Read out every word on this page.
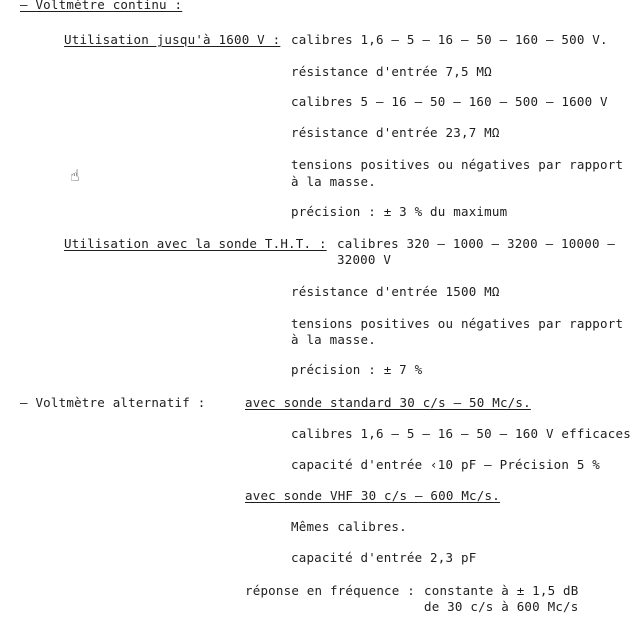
– Voltmètre continu :
Utilisation jusqu'à 1600 V : calibres 1,6 – 5 – 16 – 50 – 160 – 500 V.
résistance d'entrée 7,5 MΩ
calibres 5 – 16 – 50 – 160 – 500 – 1600 V
résistance d'entrée 23,7 MΩ
tensions positives ou négatives par rapport
à la masse.
précision : ± 3 % du maximum
☝
Utilisation avec la sonde T.H.T. : calibres 320 – 1000 – 3200 – 10000 –
32000 V
résistance d'entrée 1500 MΩ
tensions positives ou négatives par rapport
à la masse.
précision : ± 7 %
– Voltmètre alternatif :	avec sonde standard 30 c/s – 50 Mc/s.
calibres 1,6 – 5 – 16 – 50 – 160 V efficaces
capacité d'entrée ‹10 pF – Précision 5 %
avec sonde VHF 30 c/s – 600 Mc/s.
Mêmes calibres.
capacité d'entrée 2,3 pF
réponse en fréquence : constante à ± 1,5 dB
de 30 c/s à 600 Mc/s
